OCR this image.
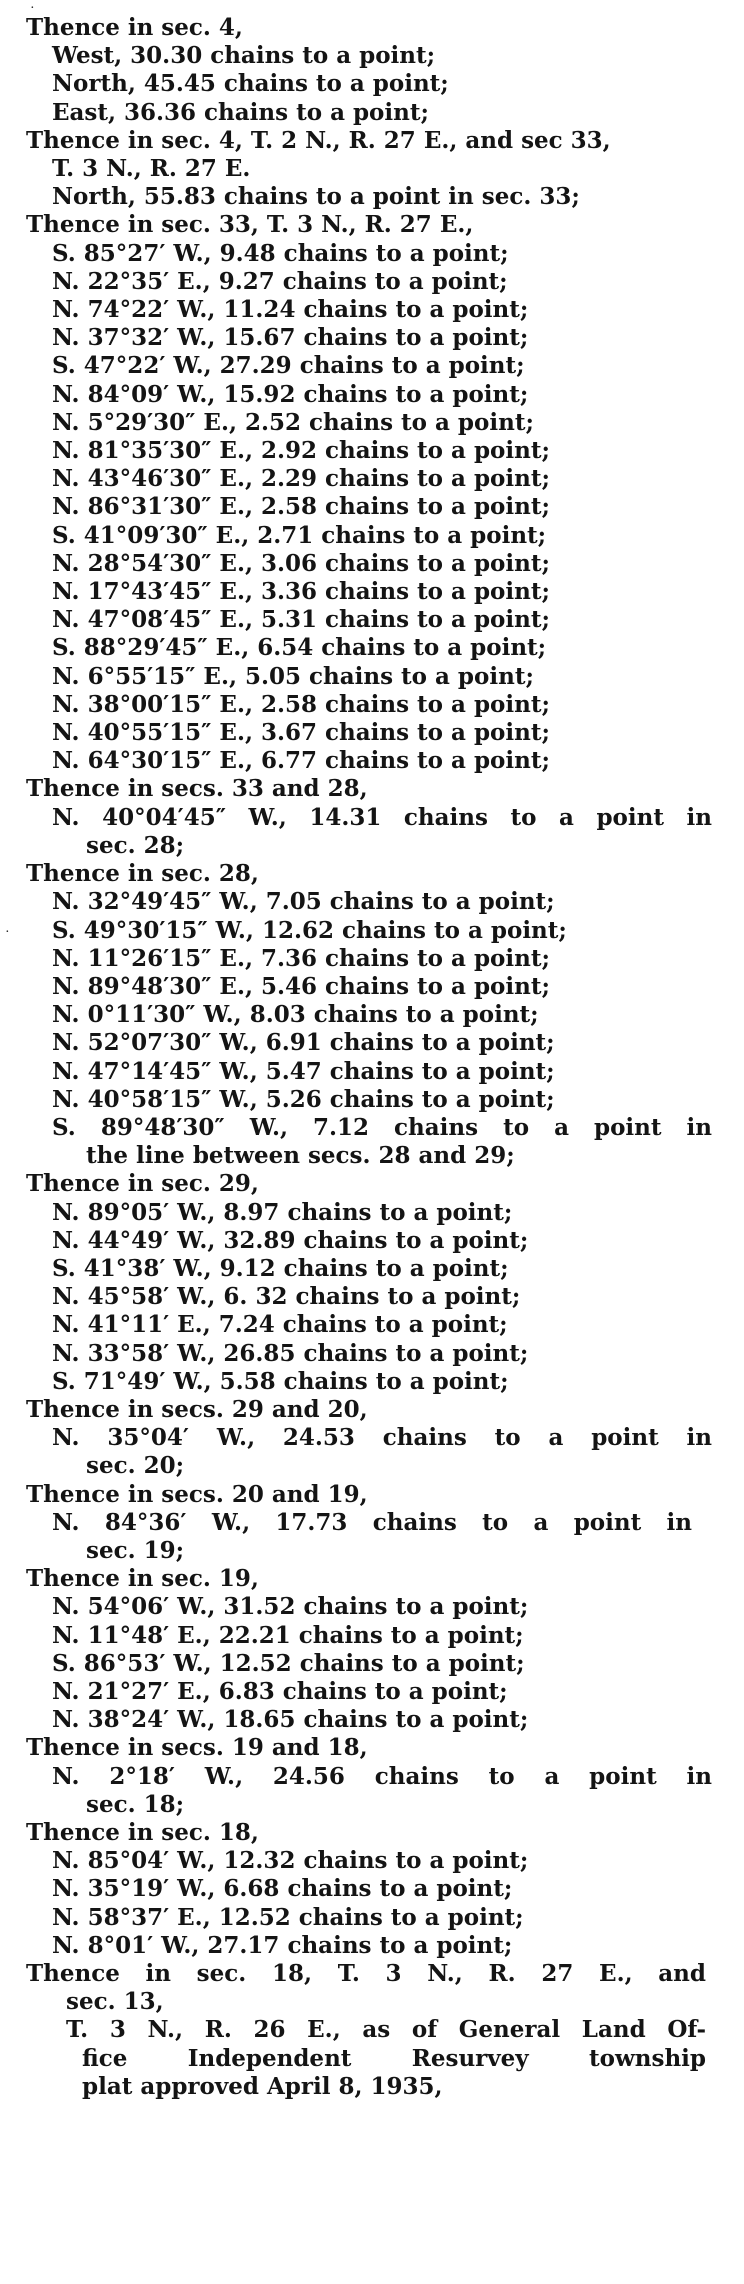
·
·
Thence in sec. 4,
West, 30.30 chains to a point;
North, 45.45 chains to a point;
East, 36.36 chains to a point;
Thence in sec. 4, T. 2 N., R. 27 E., and sec 33,
T. 3 N., R. 27 E.
North, 55.83 chains to a point in sec. 33;
Thence in sec. 33, T. 3 N., R. 27 E.,
S. 85°27′ W., 9.48 chains to a point;
N. 22°35′ E., 9.27 chains to a point;
N. 74°22′ W., 11.24 chains to a point;
N. 37°32′ W., 15.67 chains to a point;
S. 47°22′ W., 27.29 chains to a point;
N. 84°09′ W., 15.92 chains to a point;
N. 5°29′30″ E., 2.52 chains to a point;
N. 81°35′30″ E., 2.92 chains to a point;
N. 43°46′30″ E., 2.29 chains to a point;
N. 86°31′30″ E., 2.58 chains to a point;
S. 41°09′30″ E., 2.71 chains to a point;
N. 28°54′30″ E., 3.06 chains to a point;
N. 17°43′45″ E., 3.36 chains to a point;
N. 47°08′45″ E., 5.31 chains to a point;
S. 88°29′45″ E., 6.54 chains to a point;
N. 6°55′15″ E., 5.05 chains to a point;
N. 38°00′15″ E., 2.58 chains to a point;
N. 40°55′15″ E., 3.67 chains to a point;
N. 64°30′15″ E., 6.77 chains to a point;
Thence in secs. 33 and 28,
N. 40°04′45″ W., 14.31 chains to a point in
sec. 28;
Thence in sec. 28,
N. 32°49′45″ W., 7.05 chains to a point;
S. 49°30′15″ W., 12.62 chains to a point;
N. 11°26′15″ E., 7.36 chains to a point;
N. 89°48′30″ E., 5.46 chains to a point;
N. 0°11′30″ W., 8.03 chains to a point;
N. 52°07′30″ W., 6.91 chains to a point;
N. 47°14′45″ W., 5.47 chains to a point;
N. 40°58′15″ W., 5.26 chains to a point;
S. 89°48′30″ W., 7.12 chains to a point in
the line between secs. 28 and 29;
Thence in sec. 29,
N. 89°05′ W., 8.97 chains to a point;
N. 44°49′ W., 32.89 chains to a point;
S. 41°38′ W., 9.12 chains to a point;
N. 45°58′ W., 6. 32 chains to a point;
N. 41°11′ E., 7.24 chains to a point;
N. 33°58′ W., 26.85 chains to a point;
S. 71°49′ W., 5.58 chains to a point;
Thence in secs. 29 and 20,
N. 35°04′ W., 24.53 chains to a point in
sec. 20;
Thence in secs. 20 and 19,
N. 84°36′ W., 17.73 chains to a point in
sec. 19;
Thence in sec. 19,
N. 54°06′ W., 31.52 chains to a point;
N. 11°48′ E., 22.21 chains to a point;
S. 86°53′ W., 12.52 chains to a point;
N. 21°27′ E., 6.83 chains to a point;
N. 38°24′ W., 18.65 chains to a point;
Thence in secs. 19 and 18,
N. 2°18′ W., 24.56 chains to a point in
sec. 18;
Thence in sec. 18,
N. 85°04′ W., 12.32 chains to a point;
N. 35°19′ W., 6.68 chains to a point;
N. 58°37′ E., 12.52 chains to a point;
N. 8°01′ W., 27.17 chains to a point;
Thence in sec. 18, T. 3 N., R. 27 E., and
sec. 13,
T. 3 N., R. 26 E., as of General Land Of-
fice Independent Resurvey township
plat approved April 8, 1935,
